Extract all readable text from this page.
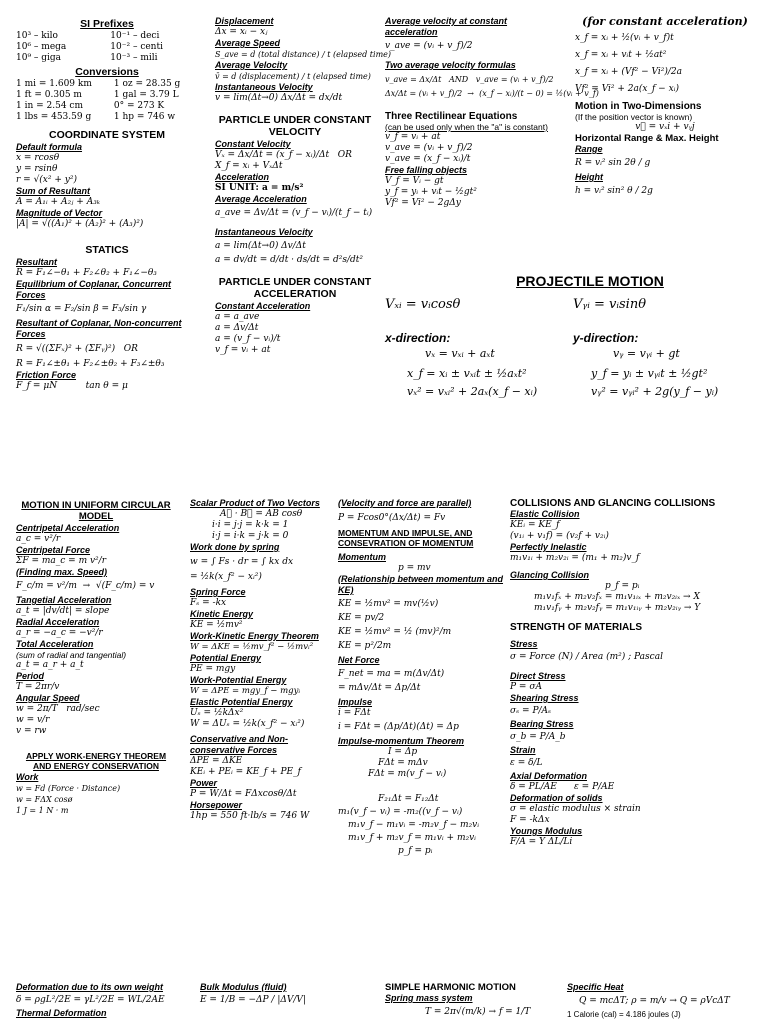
SI Prefixes
10³ – kilo	10⁻¹ – deci
10⁶ – mega	10⁻² – centi
10⁹ – giga	10⁻³ – mili
Conversions
1 mi = 1.609 km	1 oz = 28.35 g
1 ft = 0.305 m	1 gal = 3.79 L
1 in = 2.54 cm	0° = 273 K
1 lbs = 453.59 g	1 hp = 746 w
COORDINATE SYSTEM
Default formula
x = rcosθ
y = rsinθ
r = √(x² + y²)
Sum of Resultant
A = A₁ᵢ + A₂ⱼ + A₃ₖ
Magnitude of Vector
|A| = √((A₁)² + (A₂)² + (A₃)²)
STATICS
Resultant
R = F₁∠−θ₁ + F₂∠θ₂ + F₁∠−θ₃
Equilibrium of Coplanar, Concurrent Forces
F₁/sin α = F₂/sin β = F₃/sin γ
Resultant of Coplanar, Non-concurrent Forces
R = √((ΣFₓ)² + (ΣFᵧ)²)   OR
R = F₁∠±θ₁ + F₂∠±θ₂ + F₃∠±θ₃
Friction Force
F_f = μN          tan θ = μ
Displacement
Δx = xᵢ − xⱼ
Average Speed
S_ave = d (total distance) / t (elapsed time)
Average Velocity
v̄ = d (displacement) / t (elapsed time)
Instantaneous Velocity
v = lim(Δt→0) Δx/Δt = dx/dt
PARTICLE UNDER CONSTANT VELOCITY
Constant Velocity
Vₓ = Δx/Δt = (x_f − xᵢ)/Δt   OR
X_f = xᵢ + VₓΔt
Acceleration
SI UNIT: a = m/s²
Average Acceleration
a_ave = Δv/Δt = (v_f − vᵢ)/(t_f − tᵢ)
Instantaneous Velocity
a = lim(Δt→0) Δv/Δt
a = dv/dt = d/dt · ds/dt = d²s/dt²
PARTICLE UNDER CONSTANT ACCELERATION
Constant Acceleration
a = a_ave
a = Δv/Δt
a = (v_f − vᵢ)/t
v_f = vᵢ + at
Average velocity at constant acceleration
v_ave = (vᵢ + v_f)/2
Two average velocity formulas
v_ave = Δx/Δt   AND   v_ave = (vᵢ + v_f)/2
Δx/Δt = (vᵢ + v_f)/2  →  (x_f − xᵢ)/(t − 0) = ½(vᵢ + v_f)
Three Rectilinear Equations
(can be used only when the "a" is constant)
v_f = vᵢ + at
v_ave = (vᵢ + v_f)/2
v_ave = (x_f − xᵢ)/t
Free falling objects
V_f = Vᵢ − gt
y_f = yᵢ + vᵢt − ½gt²
Vf² = Vi² − 2gΔy
(for constant acceleration)
x_f = xᵢ + ½(vᵢ + v_f)t
x_f = xᵢ + vᵢt + ½at²
x_f = xᵢ + (Vf² − Vi²)/2a
Vf² = Vi² + 2a(x_f − xᵢ)
Motion in Two-Dimensions
(If the position vector is known)
v⃗ = vₓi + vᵧj
Horizontal Range & Max. Height
Range
R = vᵢ² sin 2θ / g
Height
h = vᵢ² sin² θ / 2g
PROJECTILE MOTION
Vₓᵢ = vᵢcosθ	Vᵧᵢ = vᵢsinθ
x-direction:
vₓ = vₓᵢ + aₓt
x_f = xᵢ ± vₓᵢt ± ½aₓt²
vₓ² = vₓᵢ² + 2aₓ(x_f − xᵢ)
y-direction:
vᵧ = vᵧᵢ + gt
y_f = yᵢ ± vᵧᵢt ± ½gt²
vᵧ² = vᵧᵢ² + 2g(y_f − yᵢ)
MOTION IN UNIFORM CIRCULAR MODEL
Centripetal Acceleration
a_c = v²/r
Centripetal Force
ΣF = ma_c = m v²/r
(Finding max. Speed)
F_c/m = v²/m  →  √(F_c/m) = v
Tangetial Acceleration
a_t = |dv/dt| = slope
Radial Acceleration
a_r = −a_c = −v²/r
Total Acceleration
(sum of radial and tangential)
a_t = a_r + a_t
Period
T = 2πr/v
Angular Speed
w = 2π/T   rad/sec
w = v/r
v = rw
APPLY WORK-ENERGY THEOREM AND ENERGY CONSERVATION
Work
w = Fd (Force · Distance)
w = FΔX cosø
1 J = 1 N · m
Scalar Product of Two Vectors
A⃗ · B⃗ = AB cosθ
i·i = j·j = k·k = 1
i·j = i·k = j·k = 0
Work done by spring
w = ∫ Fs · dr = ∫ kx dx
= ½k(x_f² − xᵢ²)
Spring Force
Fₛ = -kx
Kinetic Energy
KE = ½mv²
Work-Kinetic Energy Theorem
W = ΔKE = ½mv_f² − ½mvᵢ²
Potential Energy
PE = mgy
Work-Potential Energy
W = ΔPE = mgy_f − mgyᵢ
Elastic Potential Energy
Uₛ = ½kΔx²
W = ΔUₛ = ½k(x_f² − xᵢ²)
Conservative and Non-conservative Forces
ΔPE = ΔKE
KEᵢ + PEᵢ = KE_f + PE_f
Power
P = W/Δt = FΔxcosθ/Δt
Horsepower
1hp = 550 ft·lb/s = 746 W
(Velocity and force are parallel)
P = Fcos0°(Δx/Δt) = Fv
MOMENTUM AND IMPULSE, AND CONSEVRATION OF MOMENTUM
Momentum
p = mv
(Relationship between momentum and KE)
KE = ½mv² = mv(½v)
KE = pv/2
KE = ½mv² = ½ (mv)²/m
KE = p²/2m
Net Force
F_net = ma = m(Δv/Δt)
= mΔv/Δt = Δp/Δt
Impulse
i = FΔt
i = FΔt = (Δp/Δt)(Δt) = Δp
Impulse-momentum Theorem
I = Δp
FΔt = mΔv
FΔt = m(v_f − vᵢ)
F₂₁Δt = F₁₂Δt
m₁(v_f − vᵢ) = -m₂((v_f − vᵢ)
m₁v_f − m₁vᵢ = -m₂v_f − m₂vᵢ
m₁v_f + m₂v_f = m₁vᵢ + m₂vᵢ
p_f = pᵢ
COLLISIONS AND GLANCING COLLISIONS
Elastic Collision
KEᵢ = KE_f
(v₁ᵢ + v₁f) = (v₂f + v₂ᵢ)
Perfectly Inelastic
m₁v₁ᵢ + m₂v₂ᵢ = (m₁ + m₂)v_f
Glancing Collision
p_f = pᵢ
m₁v₁fₓ + m₂v₂fₓ = m₁v₁ᵢₓ + m₂v₂ᵢₓ → X
m₁v₁fᵧ + m₂v₂fᵧ = m₁v₁ᵢᵧ + m₂v₂ᵢᵧ → Y
STRENGTH OF MATERIALS
Stress
σ = Force (N) / Area (m²) ; Pascal
Direct Stress
P = σA
Shearing Stress
σₛ = P/Aₛ
Bearing Stress
σ_b = P/A_b
Strain
ε = δ/L
Axial Deformation
δ = PL/AE      ε = P/AE
Deformation of solids
σ = elastic modulus × strain
F = -kΔx
Youngs Modulus
F/A = Y ΔL/Li
Deformation due to its own weight
δ = ρgL²/2E = γL²/2E = WL/2AE
Thermal Deformation
Bulk Modulus (fluid)
E = 1/B = −ΔP / |ΔV/V|
SIMPLE HARMONIC MOTION
Spring mass system
T = 2π√(m/k) → f = 1/T
Specific Heat
Q = mcΔT; ρ = m/v → Q = ρVcΔT
1 Calorie (cal) = 4.186 joules (J)
